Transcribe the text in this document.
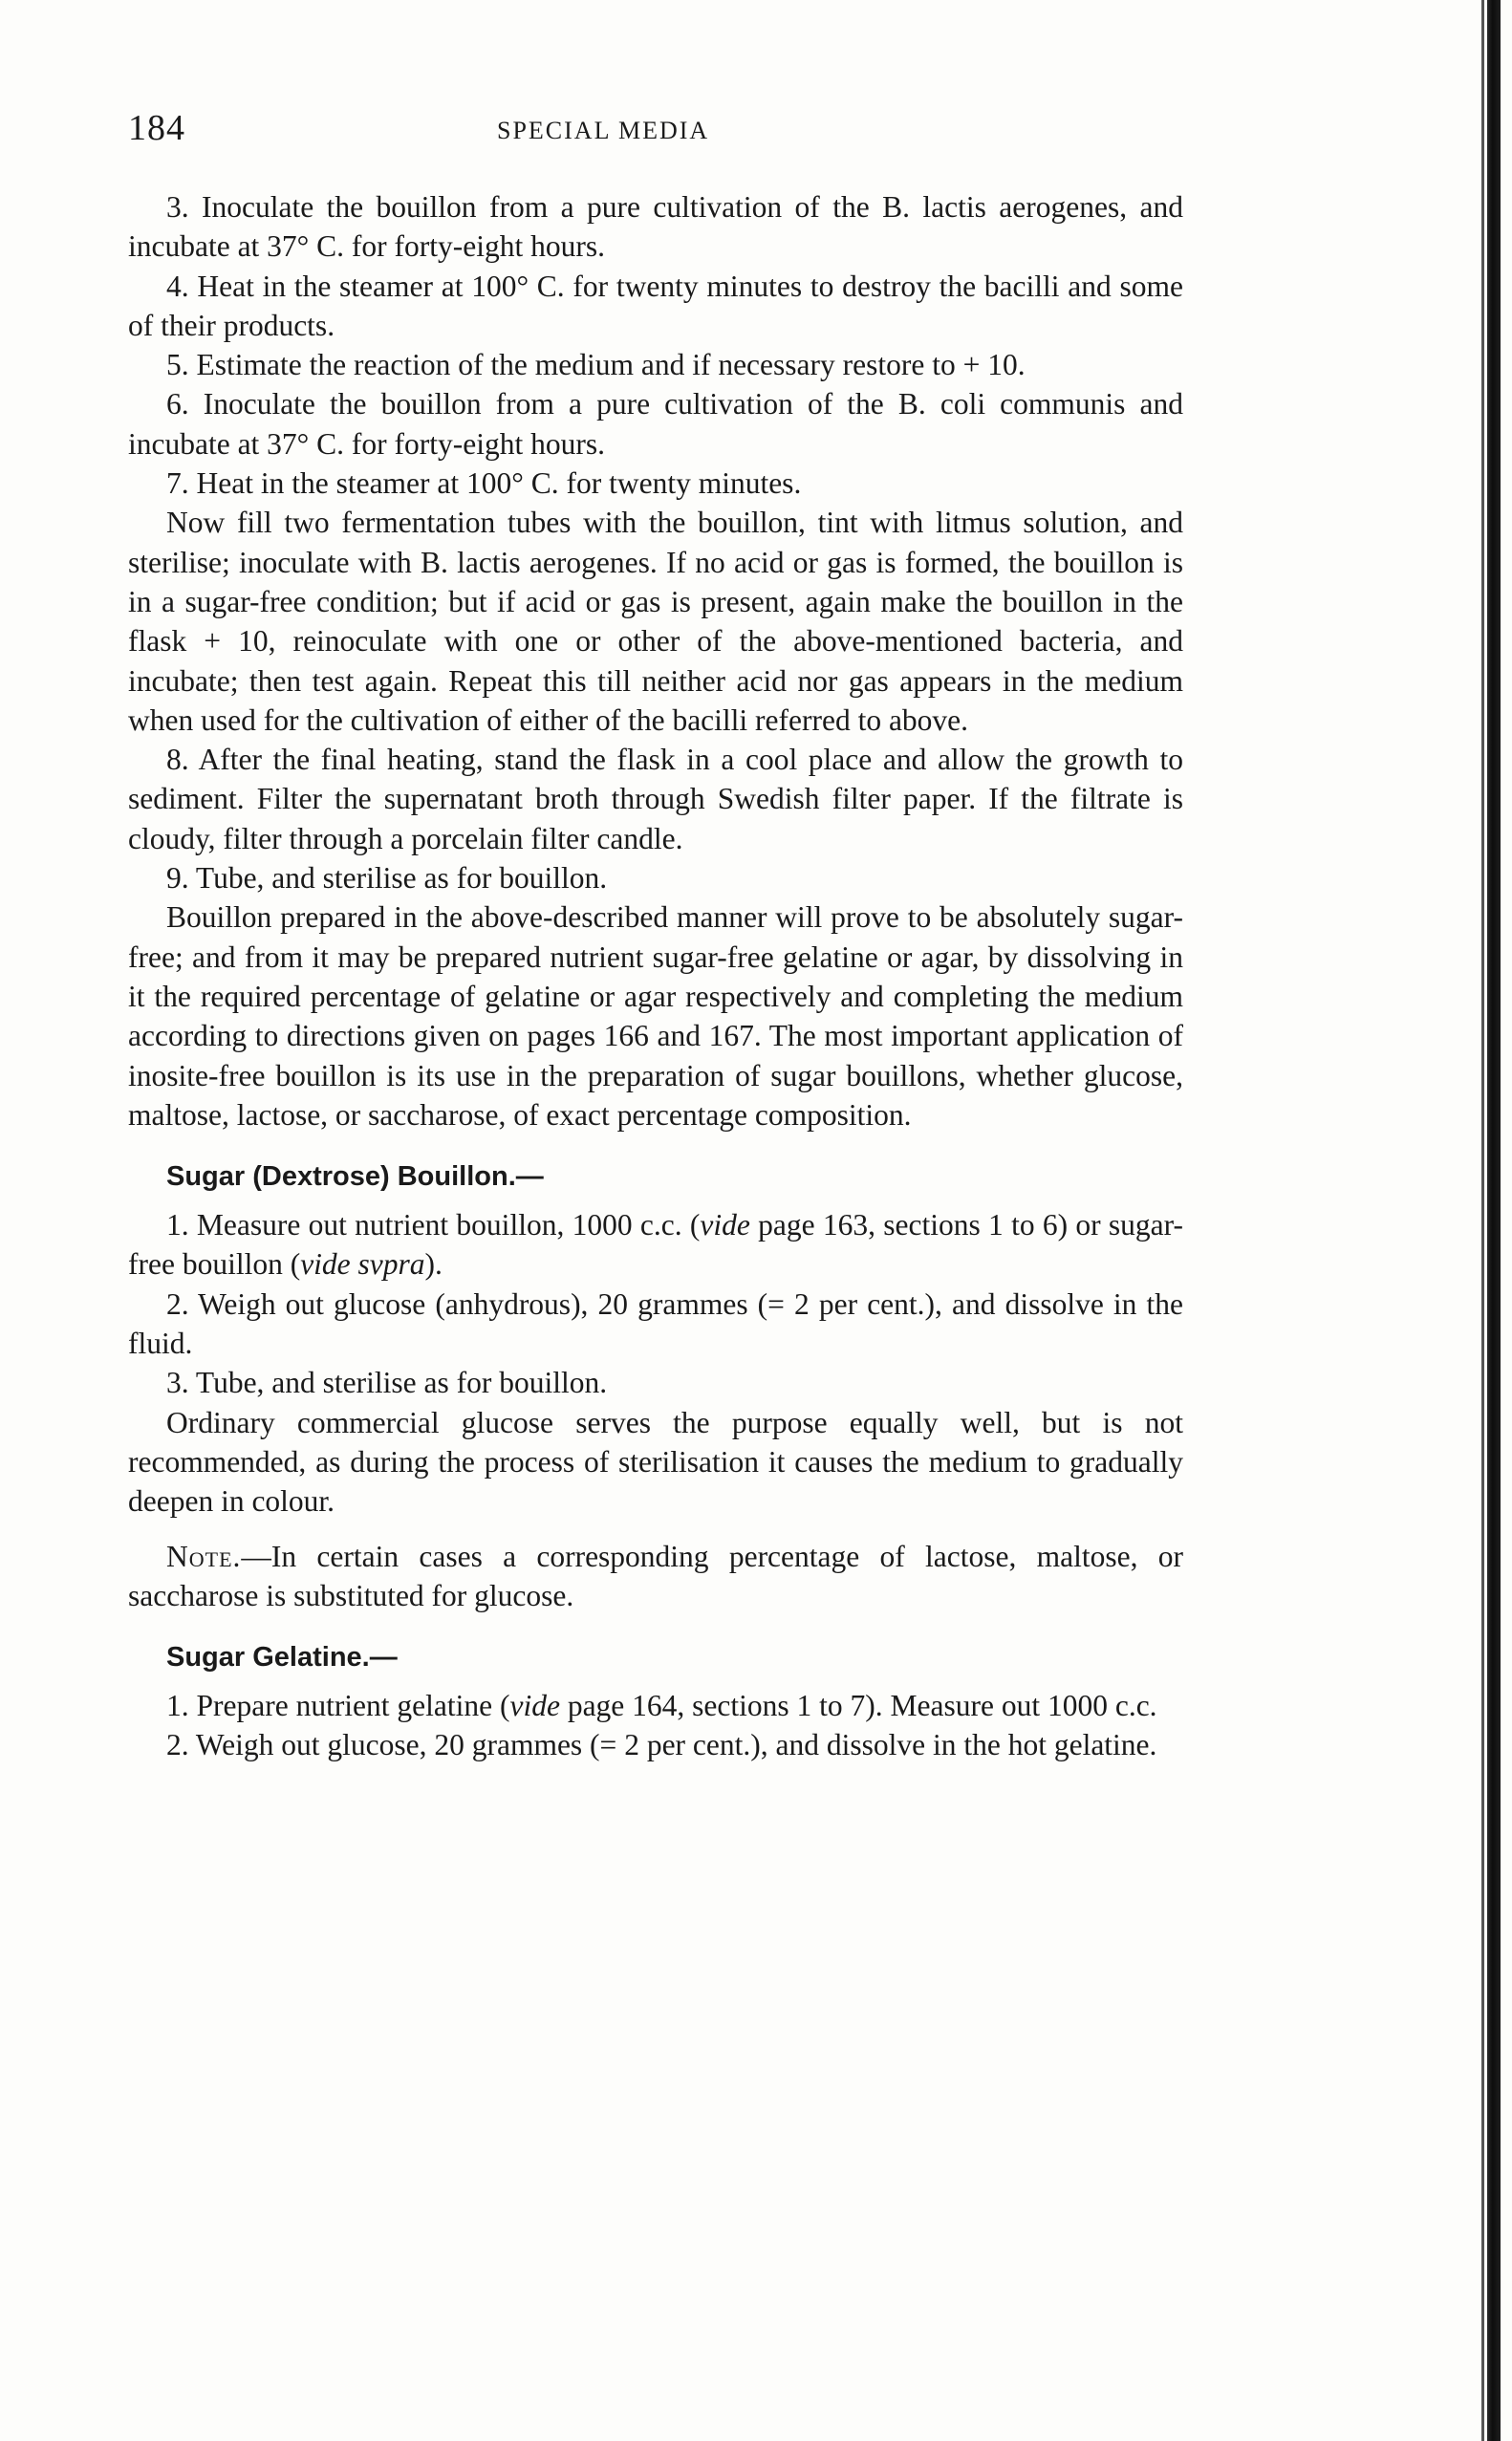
184	SPECIAL MEDIA

3. Inoculate the bouillon from a pure cultivation of the B. lactis aerogenes, and incubate at 37° C. for forty-eight hours.

4. Heat in the steamer at 100° C. for twenty minutes to destroy the bacilli and some of their products.

5. Estimate the reaction of the medium and if necessary restore to + 10.

6. Inoculate the bouillon from a pure cultivation of the B. coli communis and incubate at 37° C. for forty-eight hours.

7. Heat in the steamer at 100° C. for twenty minutes.

Now fill two fermentation tubes with the bouillon, tint with litmus solution, and sterilise; inoculate with B. lactis aerogenes. If no acid or gas is formed, the bouillon is in a sugar-free condition; but if acid or gas is present, again make the bouillon in the flask + 10, reinoculate with one or other of the above-mentioned bacteria, and incubate; then test again. Repeat this till neither acid nor gas appears in the medium when used for the cultivation of either of the bacilli referred to above.

8. After the final heating, stand the flask in a cool place and allow the growth to sediment. Filter the supernatant broth through Swedish filter paper. If the filtrate is cloudy, filter through a porcelain filter candle.

9. Tube, and sterilise as for bouillon.

Bouillon prepared in the above-described manner will prove to be absolutely sugar-free; and from it may be prepared nutrient sugar-free gelatine or agar, by dissolving in it the required percentage of gelatine or agar respectively and completing the medium according to directions given on pages 166 and 167. The most important application of inosite-free bouillon is its use in the preparation of sugar bouillons, whether glucose, maltose, lactose, or saccharose, of exact percentage composition.

Sugar (Dextrose) Bouillon.—

1. Measure out nutrient bouillon, 1000 c.c. (vide page 163, sections 1 to 6) or sugar-free bouillon (vide svpra).

2. Weigh out glucose (anhydrous), 20 grammes (= 2 per cent.), and dissolve in the fluid.

3. Tube, and sterilise as for bouillon.

Ordinary commercial glucose serves the purpose equally well, but is not recommended, as during the process of sterilisation it causes the medium to gradually deepen in colour.

Note.—In certain cases a corresponding percentage of lactose, maltose, or saccharose is substituted for glucose.

Sugar Gelatine.—

1. Prepare nutrient gelatine (vide page 164, sections 1 to 7). Measure out 1000 c.c.

2. Weigh out glucose, 20 grammes (= 2 per cent.), and dissolve in the hot gelatine.
